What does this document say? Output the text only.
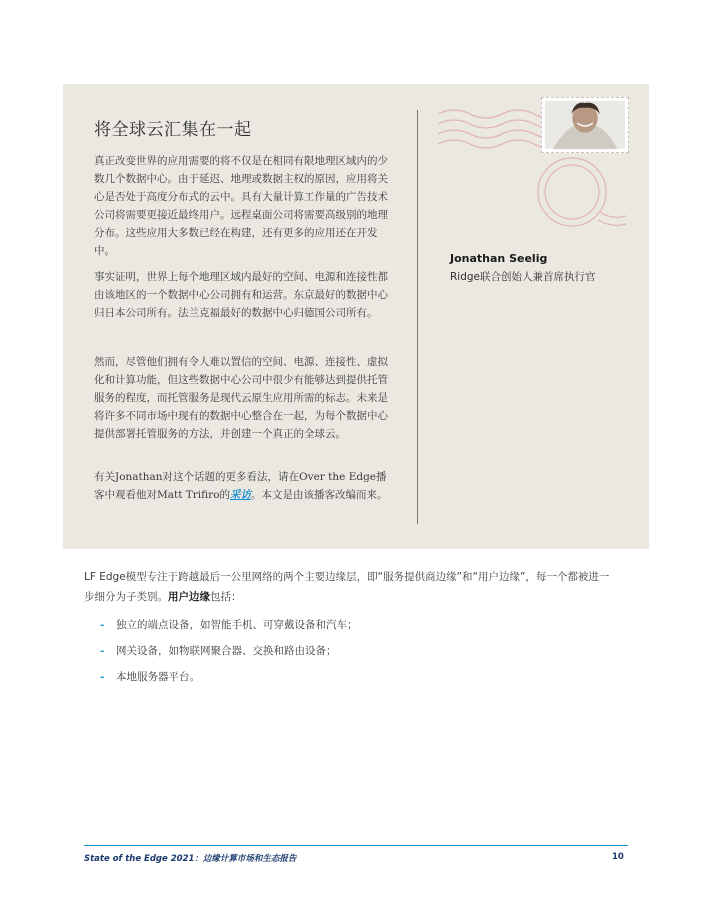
将全球云汇集在一起

真正改变世界的应用需要的将不仅是在相同有限地理区域内的少数几个数据中心。由于延迟、地理或数据主权的原因，应用将关心是否处于高度分布式的云中。具有大量计算工作量的广告技术公司将需要更接近最终用户。远程桌面公司将需要高级别的地理分布。这些应用大多数已经在构建，还有更多的应用还在开发中。

事实证明，世界上每个地理区域内最好的空间、电源和连接性都由该地区的一个数据中心公司拥有和运营。东京最好的数据中心归日本公司所有。法兰克福最好的数据中心归德国公司所有。

然而，尽管他们拥有令人难以置信的空间、电源、连接性、虚拟化和计算功能，但这些数据中心公司中很少有能够达到提供托管服务的程度，而托管服务是现代云原生应用所需的标志。未来是将许多不同市场中现有的数据中心整合在一起，为每个数据中心提供部署托管服务的方法，并创建一个真正的全球云。

有关Jonathan对这个话题的更多看法，请在Over the Edge播客中观看他对Matt Trifiro的采访。本文是由该播客改编而来。

Jonathan Seelig

Ridge联合创始人兼首席执行官

LF Edge模型专注于跨越最后一公里网络的两个主要边缘层，即“服务提供商边缘”和“用户边缘”，每一个都被进一步细分为子类别。用户边缘包括：

- 独立的端点设备，如智能手机、可穿戴设备和汽车；
- 网关设备，如物联网聚合器、交换和路由设备；
- 本地服务器平台。

State of the Edge 2021：边缘计算市场和生态报告	10
